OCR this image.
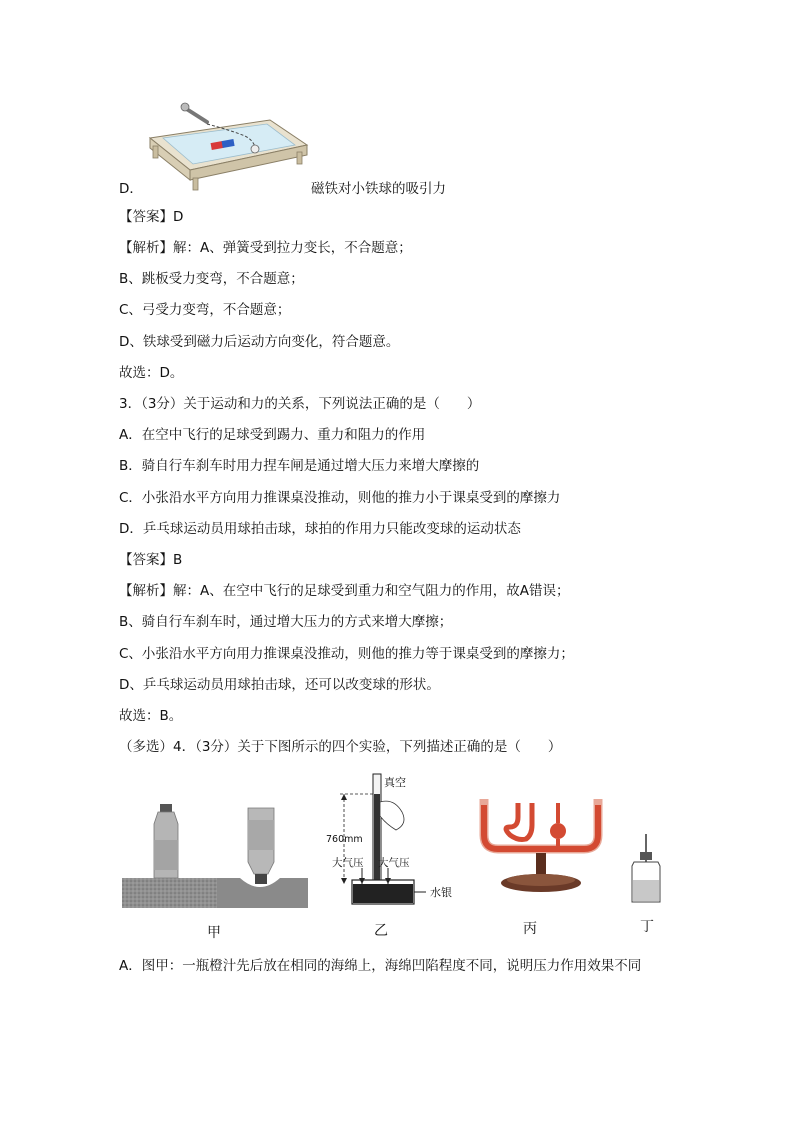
D．	磁铁对小铁球的吸引力
【答案】D
【解析】解：A、弹簧受到拉力变长，不合题意；
B、跳板受力变弯，不合题意；
C、弓受力变弯，不合题意；
D、铁球受到磁力后运动方向变化，符合题意。
故选：D。
3．（3分）关于运动和力的关系，下列说法正确的是（　　）
A．在空中飞行的足球受到踢力、重力和阻力的作用
B．骑自行车刹车时用力捏车闸是通过增大压力来增大摩擦的
C．小张沿水平方向用力推课桌没推动，则他的推力小于课桌受到的摩擦力
D．乒乓球运动员用球拍击球，球拍的作用力只能改变球的运动状态
【答案】B
【解析】解：A、在空中飞行的足球受到重力和空气阻力的作用，故A错误；
B、骑自行车刹车时，通过增大压力的方式来增大摩擦；
C、小张沿水平方向用力推课桌没推动，则他的推力等于课桌受到的摩擦力；
D、乒乓球运动员用球拍击球，还可以改变球的形状。
故选：B。
（多选）4．（3分）关于下图所示的四个实验，下列描述正确的是（　　）
甲
真空
760mm
大气压 大气压
水银
乙	丙	丁
A．图甲：一瓶橙汁先后放在相同的海绵上，海绵凹陷程度不同，说明压力作用效果不同
